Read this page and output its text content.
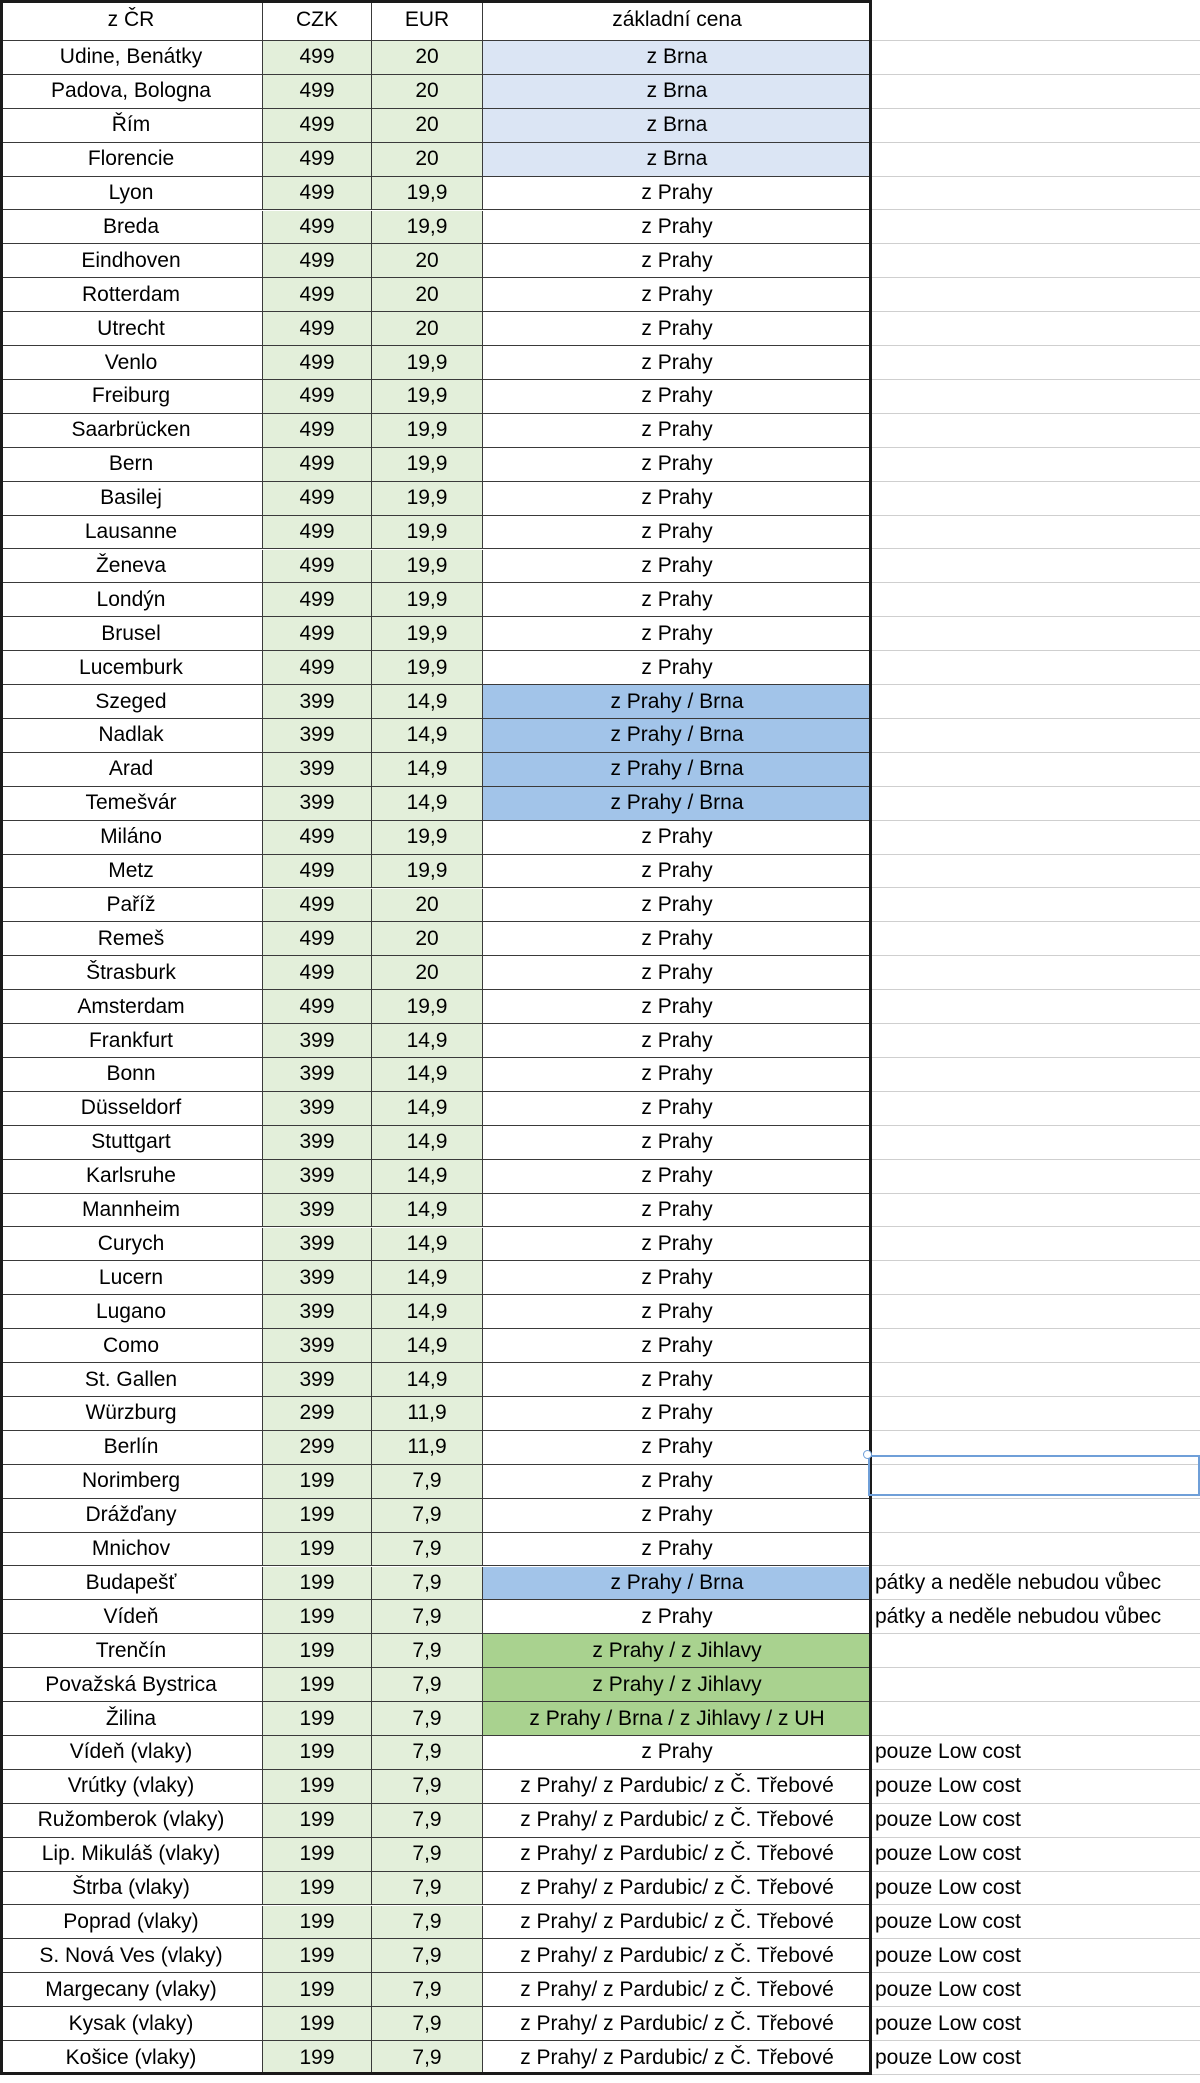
z ČR	CZK	EUR	základní cena
Udine, Benátky	499	20	z Brna
Padova, Bologna	499	20	z Brna
Řím	499	20	z Brna
Florencie	499	20	z Brna
Lyon	499	19,9	z Prahy
Breda	499	19,9	z Prahy
Eindhoven	499	20	z Prahy
Rotterdam	499	20	z Prahy
Utrecht	499	20	z Prahy
Venlo	499	19,9	z Prahy
Freiburg	499	19,9	z Prahy
Saarbrücken	499	19,9	z Prahy
Bern	499	19,9	z Prahy
Basilej	499	19,9	z Prahy
Lausanne	499	19,9	z Prahy
Ženeva	499	19,9	z Prahy
Londýn	499	19,9	z Prahy
Brusel	499	19,9	z Prahy
Lucemburk	499	19,9	z Prahy
Szeged	399	14,9	z Prahy / Brna
Nadlak	399	14,9	z Prahy / Brna
Arad	399	14,9	z Prahy / Brna
Temešvár	399	14,9	z Prahy / Brna
Miláno	499	19,9	z Prahy
Metz	499	19,9	z Prahy
Paříž	499	20	z Prahy
Remeš	499	20	z Prahy
Štrasburk	499	20	z Prahy
Amsterdam	499	19,9	z Prahy
Frankfurt	399	14,9	z Prahy
Bonn	399	14,9	z Prahy
Düsseldorf	399	14,9	z Prahy
Stuttgart	399	14,9	z Prahy
Karlsruhe	399	14,9	z Prahy
Mannheim	399	14,9	z Prahy
Curych	399	14,9	z Prahy
Lucern	399	14,9	z Prahy
Lugano	399	14,9	z Prahy
Como	399	14,9	z Prahy
St. Gallen	399	14,9	z Prahy
Würzburg	299	11,9	z Prahy
Berlín	299	11,9	z Prahy
Norimberg	199	7,9	z Prahy
Drážďany	199	7,9	z Prahy
Mnichov	199	7,9	z Prahy
Budapešť	199	7,9	z Prahy / Brna	pátky a neděle nebudou vůbec
Vídeň	199	7,9	z Prahy	pátky a neděle nebudou vůbec
Trenčín	199	7,9	z Prahy / z Jihlavy
Považská Bystrica	199	7,9	z Prahy / z Jihlavy
Žilina	199	7,9	z Prahy / Brna / z Jihlavy / z UH
Vídeň (vlaky)	199	7,9	z Prahy	pouze Low cost
Vrútky (vlaky)	199	7,9	z Prahy/ z Pardubic/ z Č. Třebové	pouze Low cost
Ružomberok (vlaky)	199	7,9	z Prahy/ z Pardubic/ z Č. Třebové	pouze Low cost
Lip. Mikuláš (vlaky)	199	7,9	z Prahy/ z Pardubic/ z Č. Třebové	pouze Low cost
Štrba (vlaky)	199	7,9	z Prahy/ z Pardubic/ z Č. Třebové	pouze Low cost
Poprad (vlaky)	199	7,9	z Prahy/ z Pardubic/ z Č. Třebové	pouze Low cost
S. Nová Ves (vlaky)	199	7,9	z Prahy/ z Pardubic/ z Č. Třebové	pouze Low cost
Margecany (vlaky)	199	7,9	z Prahy/ z Pardubic/ z Č. Třebové	pouze Low cost
Kysak (vlaky)	199	7,9	z Prahy/ z Pardubic/ z Č. Třebové	pouze Low cost
Košice (vlaky)	199	7,9	z Prahy/ z Pardubic/ z Č. Třebové	pouze Low cost
